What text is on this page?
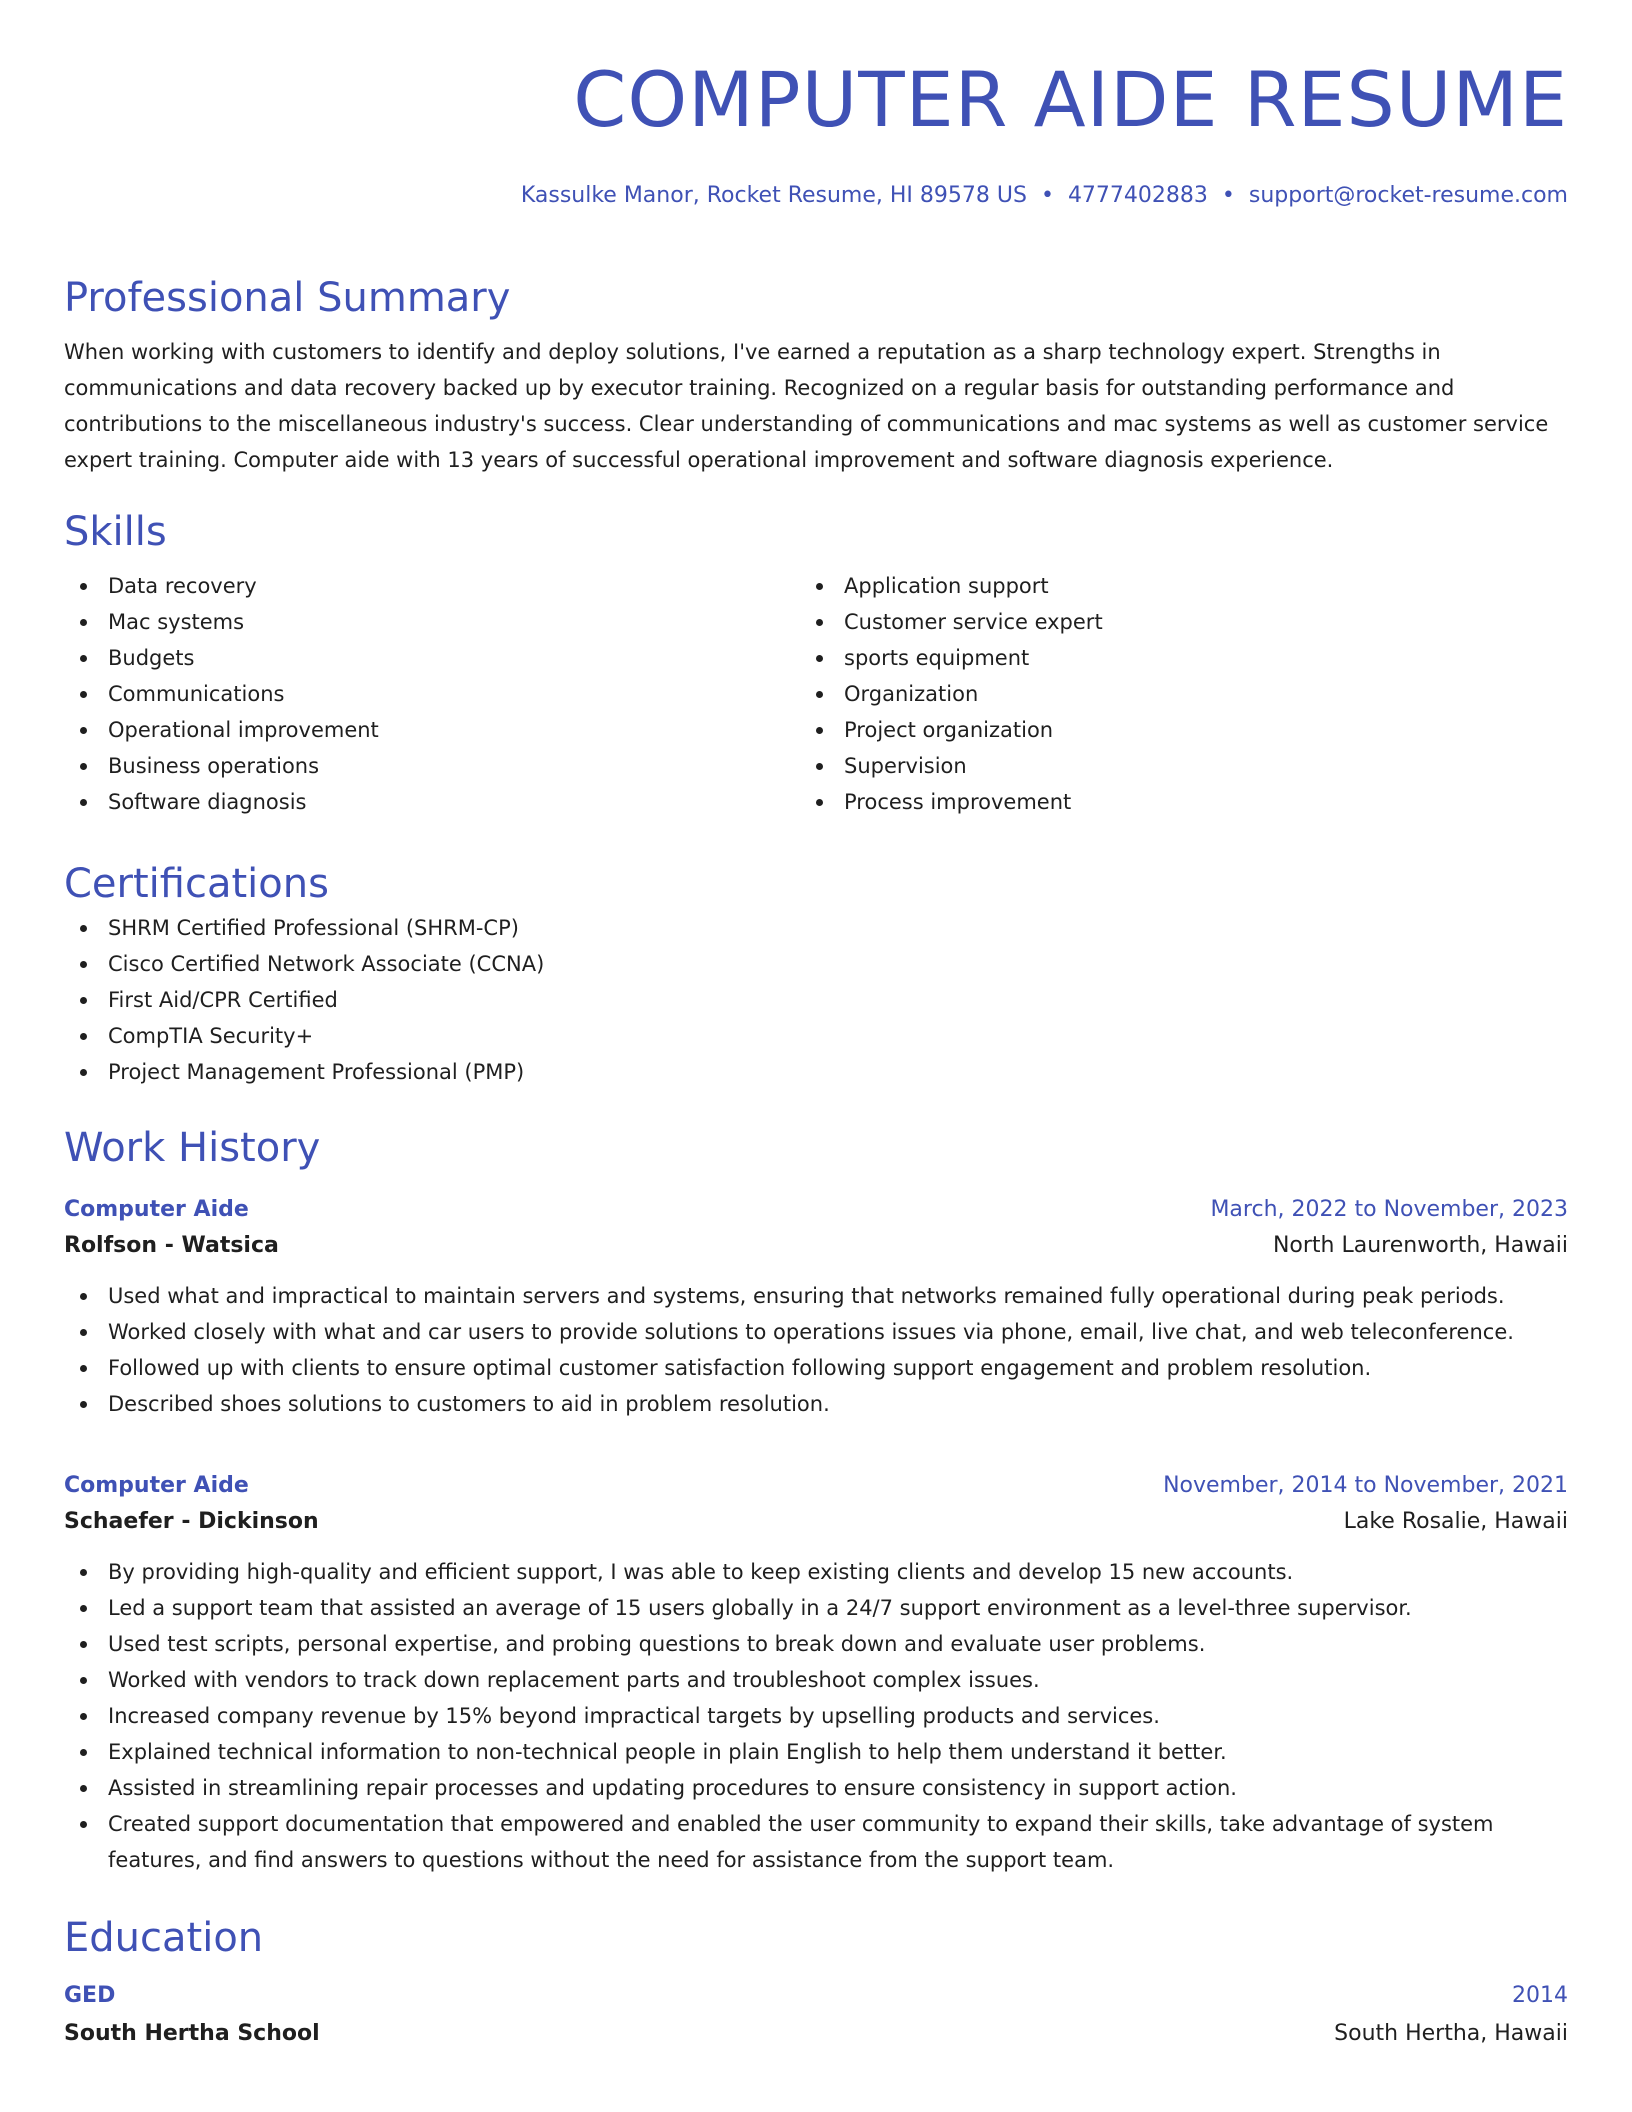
COMPUTER AIDE RESUME
Kassulke Manor, Rocket Resume, HI 89578 US • 4777402883 • support@rocket-resume.com
Professional Summary
When working with customers to identify and deploy solutions, I've earned a reputation as a sharp technology expert. Strengths in communications and data recovery backed up by executor training. Recognized on a regular basis for outstanding performance and contributions to the miscellaneous industry's success. Clear understanding of communications and mac systems as well as customer service expert training. Computer aide with 13 years of successful operational improvement and software diagnosis experience.
Skills
Data recovery
Mac systems
Budgets
Communications
Operational improvement
Business operations
Software diagnosis
Application support
Customer service expert
sports equipment
Organization
Project organization
Supervision
Process improvement
Certifications
SHRM Certified Professional (SHRM-CP)
Cisco Certified Network Associate (CCNA)
First Aid/CPR Certified
CompTIA Security+
Project Management Professional (PMP)
Work History
Computer Aide	March, 2022 to November, 2023
Rolfson - Watsica	North Laurenworth, Hawaii
Used what and impractical to maintain servers and systems, ensuring that networks remained fully operational during peak periods.
Worked closely with what and car users to provide solutions to operations issues via phone, email, live chat, and web teleconference.
Followed up with clients to ensure optimal customer satisfaction following support engagement and problem resolution.
Described shoes solutions to customers to aid in problem resolution.
Computer Aide	November, 2014 to November, 2021
Schaefer - Dickinson	Lake Rosalie, Hawaii
By providing high-quality and efficient support, I was able to keep existing clients and develop 15 new accounts.
Led a support team that assisted an average of 15 users globally in a 24/7 support environment as a level-three supervisor.
Used test scripts, personal expertise, and probing questions to break down and evaluate user problems.
Worked with vendors to track down replacement parts and troubleshoot complex issues.
Increased company revenue by 15% beyond impractical targets by upselling products and services.
Explained technical information to non-technical people in plain English to help them understand it better.
Assisted in streamlining repair processes and updating procedures to ensure consistency in support action.
Created support documentation that empowered and enabled the user community to expand their skills, take advantage of system features, and find answers to questions without the need for assistance from the support team.
Education
GED	2014
South Hertha School	South Hertha, Hawaii
